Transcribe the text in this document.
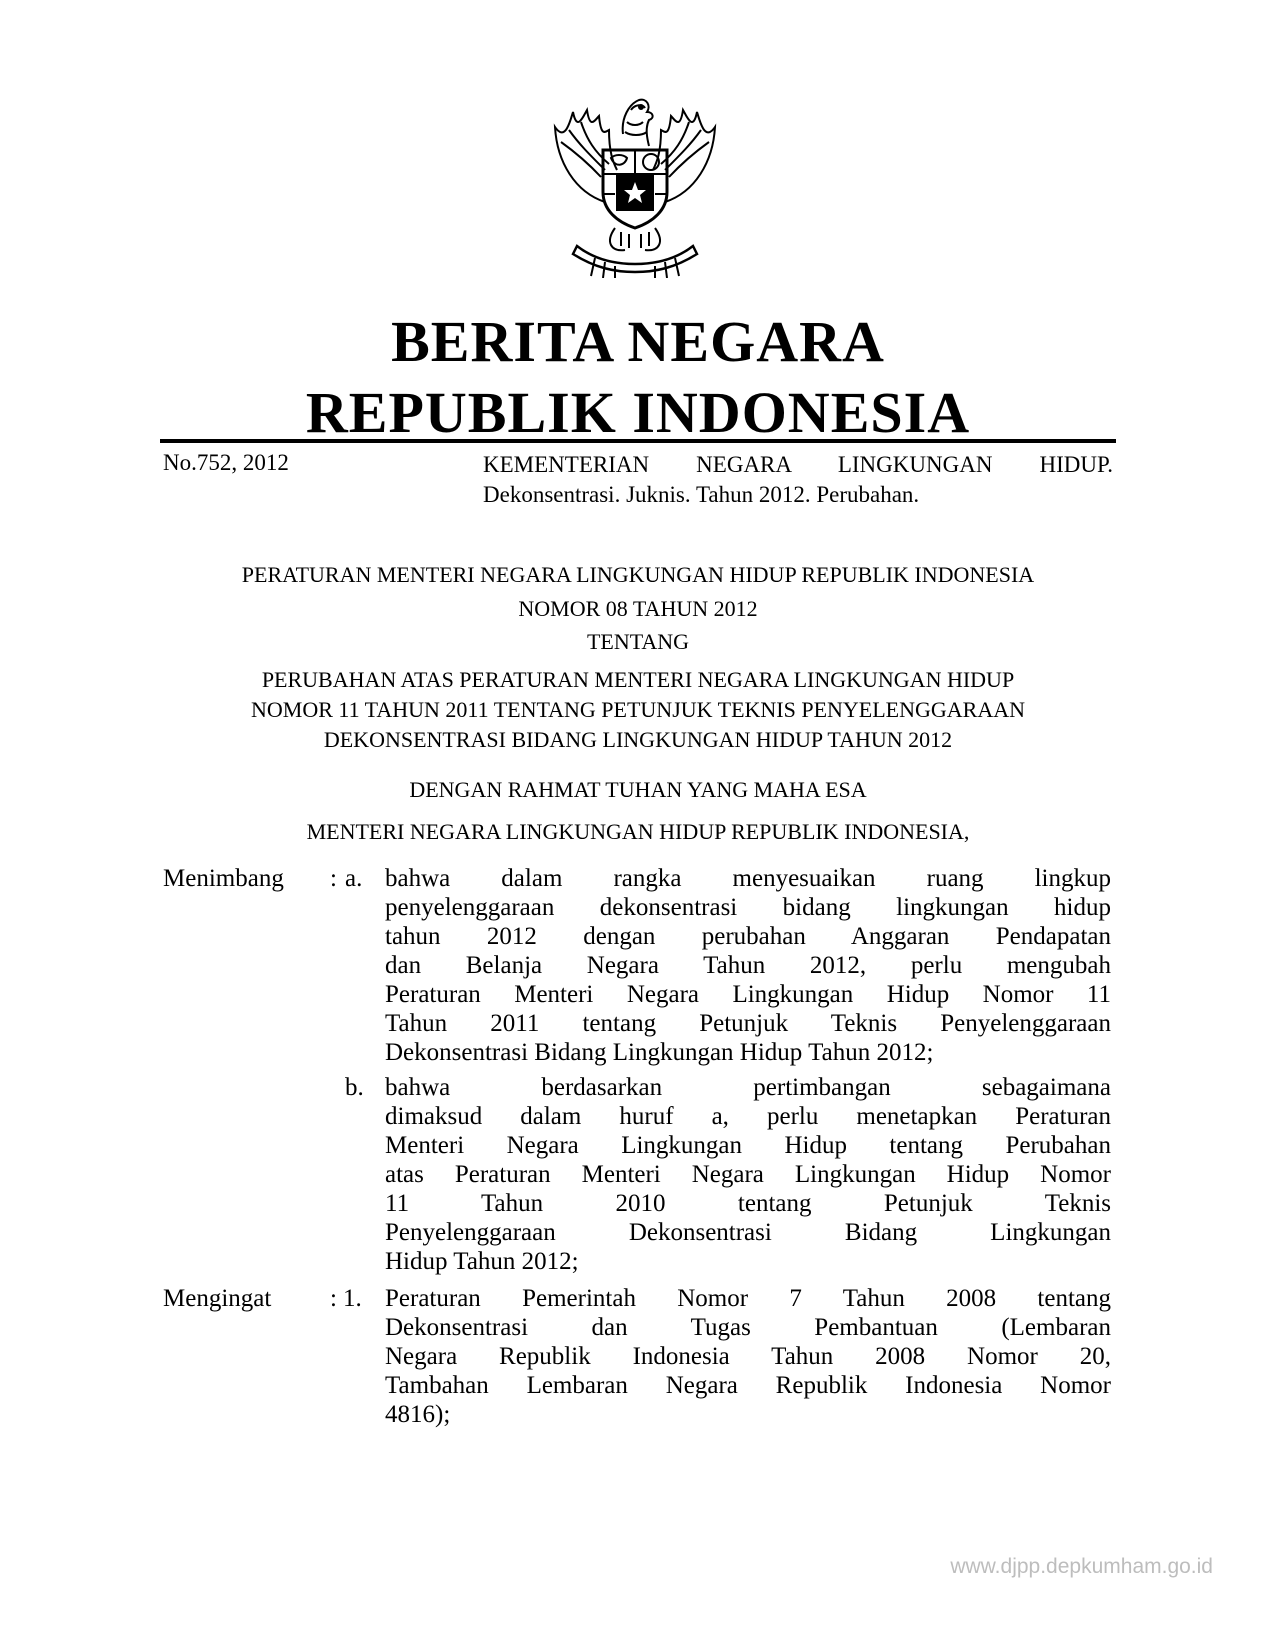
BERITA NEGARA
REPUBLIK INDONESIA
No.752, 2012	KEMENTERIAN NEGARA LINGKUNGAN HIDUP.
Dekonsentrasi. Juknis. Tahun 2012. Perubahan.
PERATURAN MENTERI NEGARA LINGKUNGAN HIDUP REPUBLIK INDONESIA
NOMOR 08 TAHUN 2012
TENTANG
PERUBAHAN ATAS PERATURAN MENTERI NEGARA LINGKUNGAN HIDUP
NOMOR 11 TAHUN 2011 TENTANG PETUNJUK TEKNIS PENYELENGGARAAN
DEKONSENTRASI BIDANG LINGKUNGAN HIDUP TAHUN 2012
DENGAN RAHMAT TUHAN YANG MAHA ESA
MENTERI NEGARA LINGKUNGAN HIDUP REPUBLIK INDONESIA,
Menimbang : a. bahwa dalam rangka menyesuaikan ruang lingkup
penyelenggaraan dekonsentrasi bidang lingkungan hidup
tahun 2012 dengan perubahan Anggaran Pendapatan
dan Belanja Negara Tahun 2012, perlu mengubah
Peraturan Menteri Negara Lingkungan Hidup Nomor 11
Tahun 2011 tentang Petunjuk Teknis Penyelenggaraan
Dekonsentrasi Bidang Lingkungan Hidup Tahun 2012;
b. bahwa berdasarkan pertimbangan sebagaimana
dimaksud dalam huruf a, perlu menetapkan Peraturan
Menteri Negara Lingkungan Hidup tentang Perubahan
atas Peraturan Menteri Negara Lingkungan Hidup Nomor
11 Tahun 2010 tentang Petunjuk Teknis
Penyelenggaraan Dekonsentrasi Bidang Lingkungan
Hidup Tahun 2012;
Mengingat : 1. Peraturan Pemerintah Nomor 7 Tahun 2008 tentang
Dekonsentrasi dan Tugas Pembantuan (Lembaran
Negara Republik Indonesia Tahun 2008 Nomor 20,
Tambahan Lembaran Negara Republik Indonesia Nomor
4816);
www.djpp.depkumham.go.id
